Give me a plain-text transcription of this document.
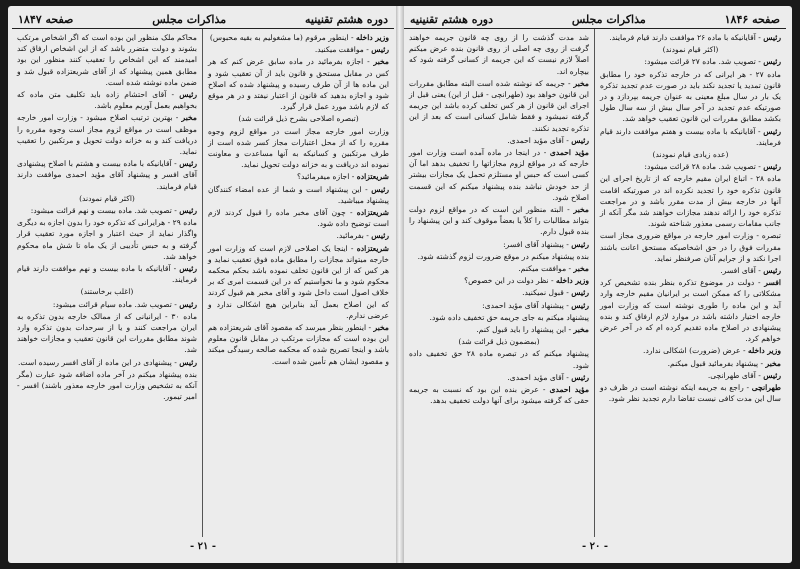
دوره هشتم تقنینیه
مذاکرات مجلس
صفحه ۱۸۴۷

وزیر داخله - اینطور مرقوم (ما مشغولیم به بقیه محبوس)

رئیس - موافقت میکنید.

مخبر - اجازه بفرمائید در ماده سابق عرض کنم که هر کس در مقابل مستحق و قانون باید از آن تعقیب شود و این ماده ها از آن طرف رسیده و پیشنهاد شده که اصلاح شود و اجازه بدهید که قانون از اعتبار نیفتد و در هر موقع که لازم باشد مورد عمل قرار گیرد.

(تبصره اصلاحی بشرح ذیل قرائت شد)

وزارت امور خارجه مجاز است در مواقع لزوم وجوه مقرره را که از محل اعتبارات مجاز کسر شده است از طرف مرتکبین و کسانیکه به آنها مساعدت و معاونت نموده اند دریافت و به خزانه دولت تحویل نماید.

شریعتزاده - اجازه میفرمائید؟

رئیس - این پیشنهاد است و شما از عده امضاء کنندگان پیشنهاد میباشید.

شریعتزاده - چون آقای مخبر ماده را قبول کردند لازم است توضیح داده شود.

رئیس - بفرمائید.

شریعتزاده - اینجا یک اصلاحی لازم است که وزارت امور خارجه میتواند مجازات را مطابق ماده فوق تعقیب نماید و هر کس که از این قانون تخلف نموده باشد بحکم محکمه محکوم شود و ما نخواستیم که در این قسمت امری که بر خلاف اصول است داخل شود و آقای مخبر هم قبول کردند که این اصلاح بعمل آید بنابراین هیچ اشکالی ندارد و عرضی ندارم.

مخبر - اینطور بنظر میرسد که مقصود آقای شریعتزاده هم این بوده است که مجازات مرتکب در مقابل قانون معلوم باشد و اینجا تصریح شده که محکمه صالحه رسیدگی میکند و مقصود ایشان هم تأمین شده است.

محاکم ملک منظور این بوده است که اگر اشخاص مرتکب بشوند و دولت متضرر باشد که از این اشخاص ارفاق کند امیدمند که این اشخاص را تعقیب کنند منظور این بود مطابق همین پیشنهاد که از آقای شریعتزاده قبول شد و ضمن ماده نوشته شده است.

رئیس - آقای احتشام زاده باید تکلیف متن ماده که بخواهیم بعمل آوریم معلوم باشد.

مخبر - بهترین ترتیب اصلاح میشود - وزارت امور خارجه موظف است در مواقع لزوم مجاز است وجوه مقرره را دریافت کند و به خزانه دولت تحویل و مرتکبین را تعقیب نماید.

رئیس - آقایانیکه با ماده بیست و هشتم با اصلاح پیشنهادی آقای افسر و پیشنهاد آقای مؤید احمدی موافقت دارند قیام فرمایند.

(اکثر قیام نمودند)

رئیس - تصویب شد. ماده بیست و نهم قرائت میشود:

ماده ۲۹ - هرایرانی که تذکره خود را بدون اجازه به دیگری واگذار نماید از حیث اعتبار و اجازه مورد تعقیب قرار گرفته و به حبس تأدیبی از یک ماه تا شش ماه محکوم خواهد شد.

رئیس - آقایانیکه با ماده بیست و نهم موافقت دارند قیام فرمایند.

(اغلب برخاستند)

رئیس - تصویب شد. ماده سیام قرائت میشود:

ماده ۳۰ - ایرانیانی که از ممالک خارجه بدون تذکره به ایران مراجعت کنند و یا از سرحدات بدون تذکره وارد شوند مطابق مقررات این قانون تعقیب و مجازات خواهند شد.

رئیس - پیشنهادی در این ماده از آقای افسر رسیده است.

بنده پیشنهاد میکنم در آخر ماده اضافه شود عبارت (مگر آنکه به تشخیص وزارت امور خارجه معذور باشند) افسر - امیر تیمور.

- ۲۱ -
صفحه ۱۸۴۶
مذاکرات مجلس
دوره هشتم تقنینیه

رئیس - آقایانیکه با ماده ۲۶ موافقت دارند قیام فرمایند.

(اکثر قیام نمودند)

رئیس - تصویب شد. ماده ۲۷ قرائت میشود:

ماده ۲۷ - هر ایرانی که در خارجه تذکره خود را مطابق قانون تمدید یا تجدید نکند باید در صورت عدم تجدید تذکره یک بار در سال مبلغ معینی به عنوان جریمه بپردازد و در صورتیکه عدم تجدید در آخر سال بیش از سه سال طول بکشد مطابق مقررات این قانون تعقیب خواهد شد.

رئیس - آقایانیکه با ماده بیست و هفتم موافقت دارند قیام فرمایند.

(عده زیادی قیام نمودند)

رئیس - تصویب شد. ماده ۲۸ قرائت میشود:

ماده ۲۸ - اتباع ایران مقیم خارجه که از تاریخ اجرای این قانون تذکره خود را تجدید نکرده اند در صورتیکه اقامت آنها در خارجه بیش از مدت مقرر باشد و در مراجعت تذکره خود را ارائه ندهند مجازات خواهند شد مگر آنکه از جانب مقامات رسمی معذور شناخته شوند.

تبصره - وزارت امور خارجه در مواقع ضروری مجاز است مقررات فوق را در حق اشخاصیکه مستحق اعانت باشند اجرا نکند و از جرایم آنان صرفنظر نماید.

رئیس - آقای افسر.

افسر - دولت در موضوع تذکره بنظر بنده تشخیص کرد مشکلاتی را که ممکن است بر ایرانیان مقیم خارجه وارد آید و این ماده را طوری نوشته است که وزارت امور خارجه اختیار داشته باشد در موارد لازم ارفاق کند و بنده پیشنهادی در اصلاح ماده تقدیم کرده ام که در آخر عرض خواهم کرد.

وزیر داخله - عرض (ضرورت) اشکالی ندارد.

مخبر - پیشنهاد بفرمائید قبول میکنم.

رئیس - آقای طهرانچی.

طهرانچی - راجع به جریمه اینکه نوشته است در ظرف دو سال این مدت کافی نیست تقاضا دارم تجدید نظر شود.

شد مدت گذشت را از روی چه قانون جریمه خواهند گرفت از روی چه اصلی از روی قانون بنده عرض میکنم اصلاً لازم نیست که این جریمه از کسانی گرفته شود که بیچاره اند.

مخبر - جریمه که نوشته شده است البته مطابق مقررات این قانون خواهد بود (طهرانچی - قبل از این) یعنی قبل از اجرای این قانون از هر کس تخلف کرده باشد این جریمه گرفته نمیشود و فقط شامل کسانی است که بعد از این تذکره تجدید نکنند.

رئیس - آقای مؤید احمدی.

مؤید احمدی - در اینجا در ماده آمده است وزارت امور خارجه که در مواقع لزوم مجازاتها را تخفیف بدهد اما آن کسی است که حبس او مستلزم تحمل یک مجازات بیشتر از حد خودش نباشد بنده پیشنهاد میکنم که این قسمت اصلاح شود.

مخبر - البته منظور این است که در مواقع لزوم دولت بتواند مطالبات را کلاً یا بعضاً موقوف کند و این پیشنهاد را بنده قبول دارم.

رئیس - پیشنهاد آقای افسر:

بنده پیشنهاد میکنم در موقع ضرورت لزوم گذشته شود.

مخبر - موافقت میکنم.

وزیر داخله - نظر دولت در این خصوص؟

رئیس - قبول نمیکنید.

رئیس - پیشنهاد آقای مؤید احمدی:

پیشنهاد میکنم به جای جریمه حق تخفیف داده شود.

مخبر - این پیشنهاد را باید قبول کنم.

(بمضمون ذیل قرائت شد)

پیشنهاد میکنم که در تبصره ماده ۲۸ حق تخفیف داده شود.

رئیس - آقای مؤید احمدی.

مؤید احمدی - عرض بنده این بود که نسبت به جریمه حقی که گرفته میشود برای آنها دولت تخفیف بدهد.

- ۲۰ -
